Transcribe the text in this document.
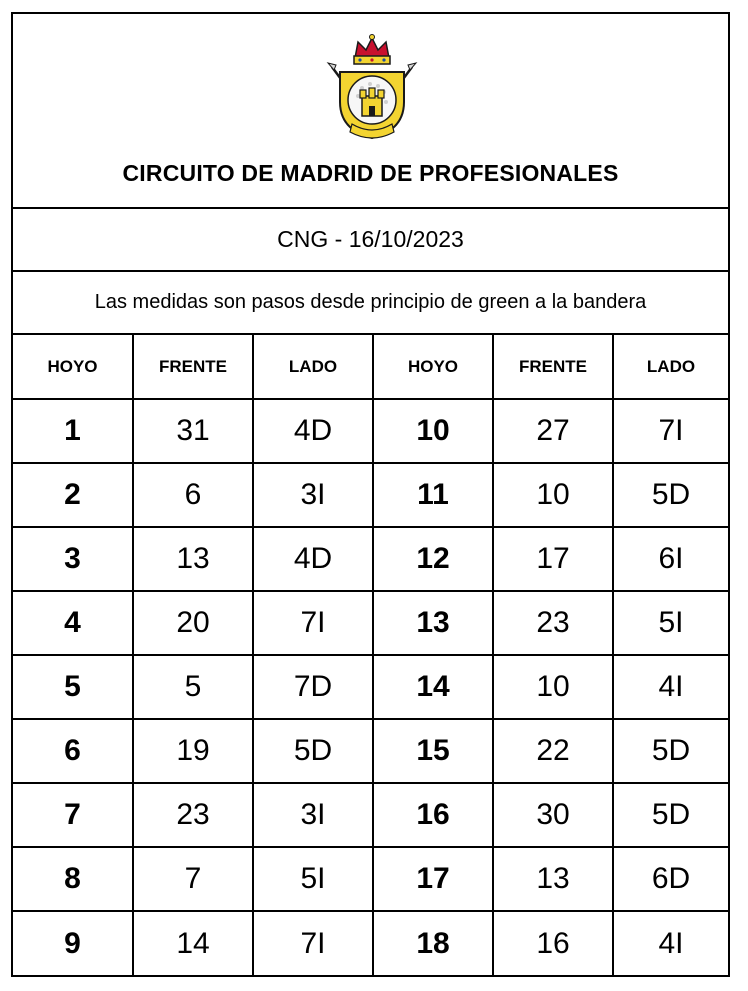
CIRCUITO DE MADRID DE PROFESIONALES
CNG - 16/10/2023
Las medidas son pasos desde principio de green a la bandera
HOYO	FRENTE	LADO	HOYO	FRENTE	LADO
1	31	4D	10	27	7I
2	6	3I	11	10	5D
3	13	4D	12	17	6I
4	20	7I	13	23	5I
5	5	7D	14	10	4I
6	19	5D	15	22	5D
7	23	3I	16	30	5D
8	7	5I	17	13	6D
9	14	7I	18	16	4I
